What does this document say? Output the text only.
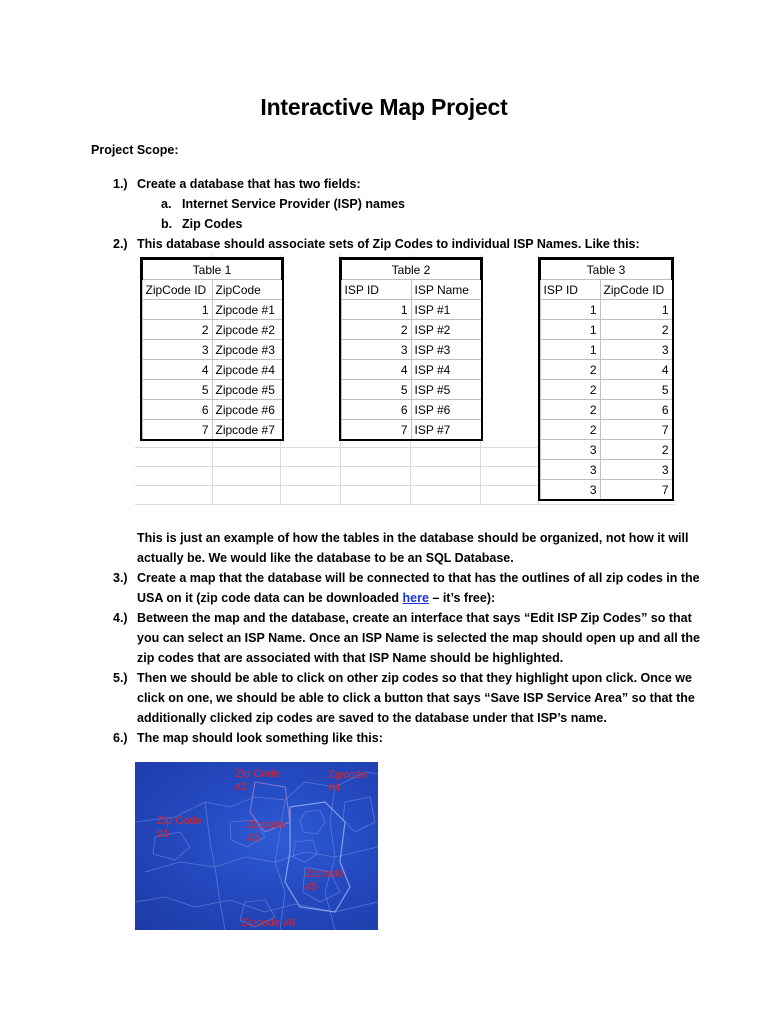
Interactive Map Project
Project Scope:
1.) Create a database that has two fields:
a. Internet Service Provider (ISP) names
b. Zip Codes
2.) This database should associate sets of Zip Codes to individual ISP Names. Like this:
Table 1	
ZipCode ID	ZipCode
1	Zipcode #1
2	Zipcode #2
3	Zipcode #3
4	Zipcode #4
5	Zipcode #5
6	Zipcode #6
7	Zipcode #7
Table 2	
ISP ID	ISP Name
1	ISP #1
2	ISP #2
3	ISP #3
4	ISP #4
5	ISP #5
6	ISP #6
7	ISP #7
Table 3	
ISP ID	ZipCode ID
1	1
1	2
1	3
2	4
2	5
2	6
2	7
3	2
3	3
3	7
This is just an example of how the tables in the database should be organized, not how it will
actually be. We would like the database to be an SQL Database.
3.) Create a map that the database will be connected to that has the outlines of all zip codes in the
USA on it (zip code data can be downloaded here – it’s free):
4.) Between the map and the database, create an interface that says “Edit ISP Zip Codes” so that
you can select an ISP Name. Once an ISP Name is selected the map should open up and all the
zip codes that are associated with that ISP Name should be highlighted.
5.) Then we should be able to click on other zip codes so that they highlight upon click. Once we
click on one, we should be able to click a button that says “Save ISP Service Area” so that the
additionally clicked zip codes are saved to the database under that ISP’s name.
6.) The map should look something like this:
Zip Code
#2
Zipcode
#4
Zip Code
#1
Zipcode
#3
Zipcode
#5
Zipcode #6
